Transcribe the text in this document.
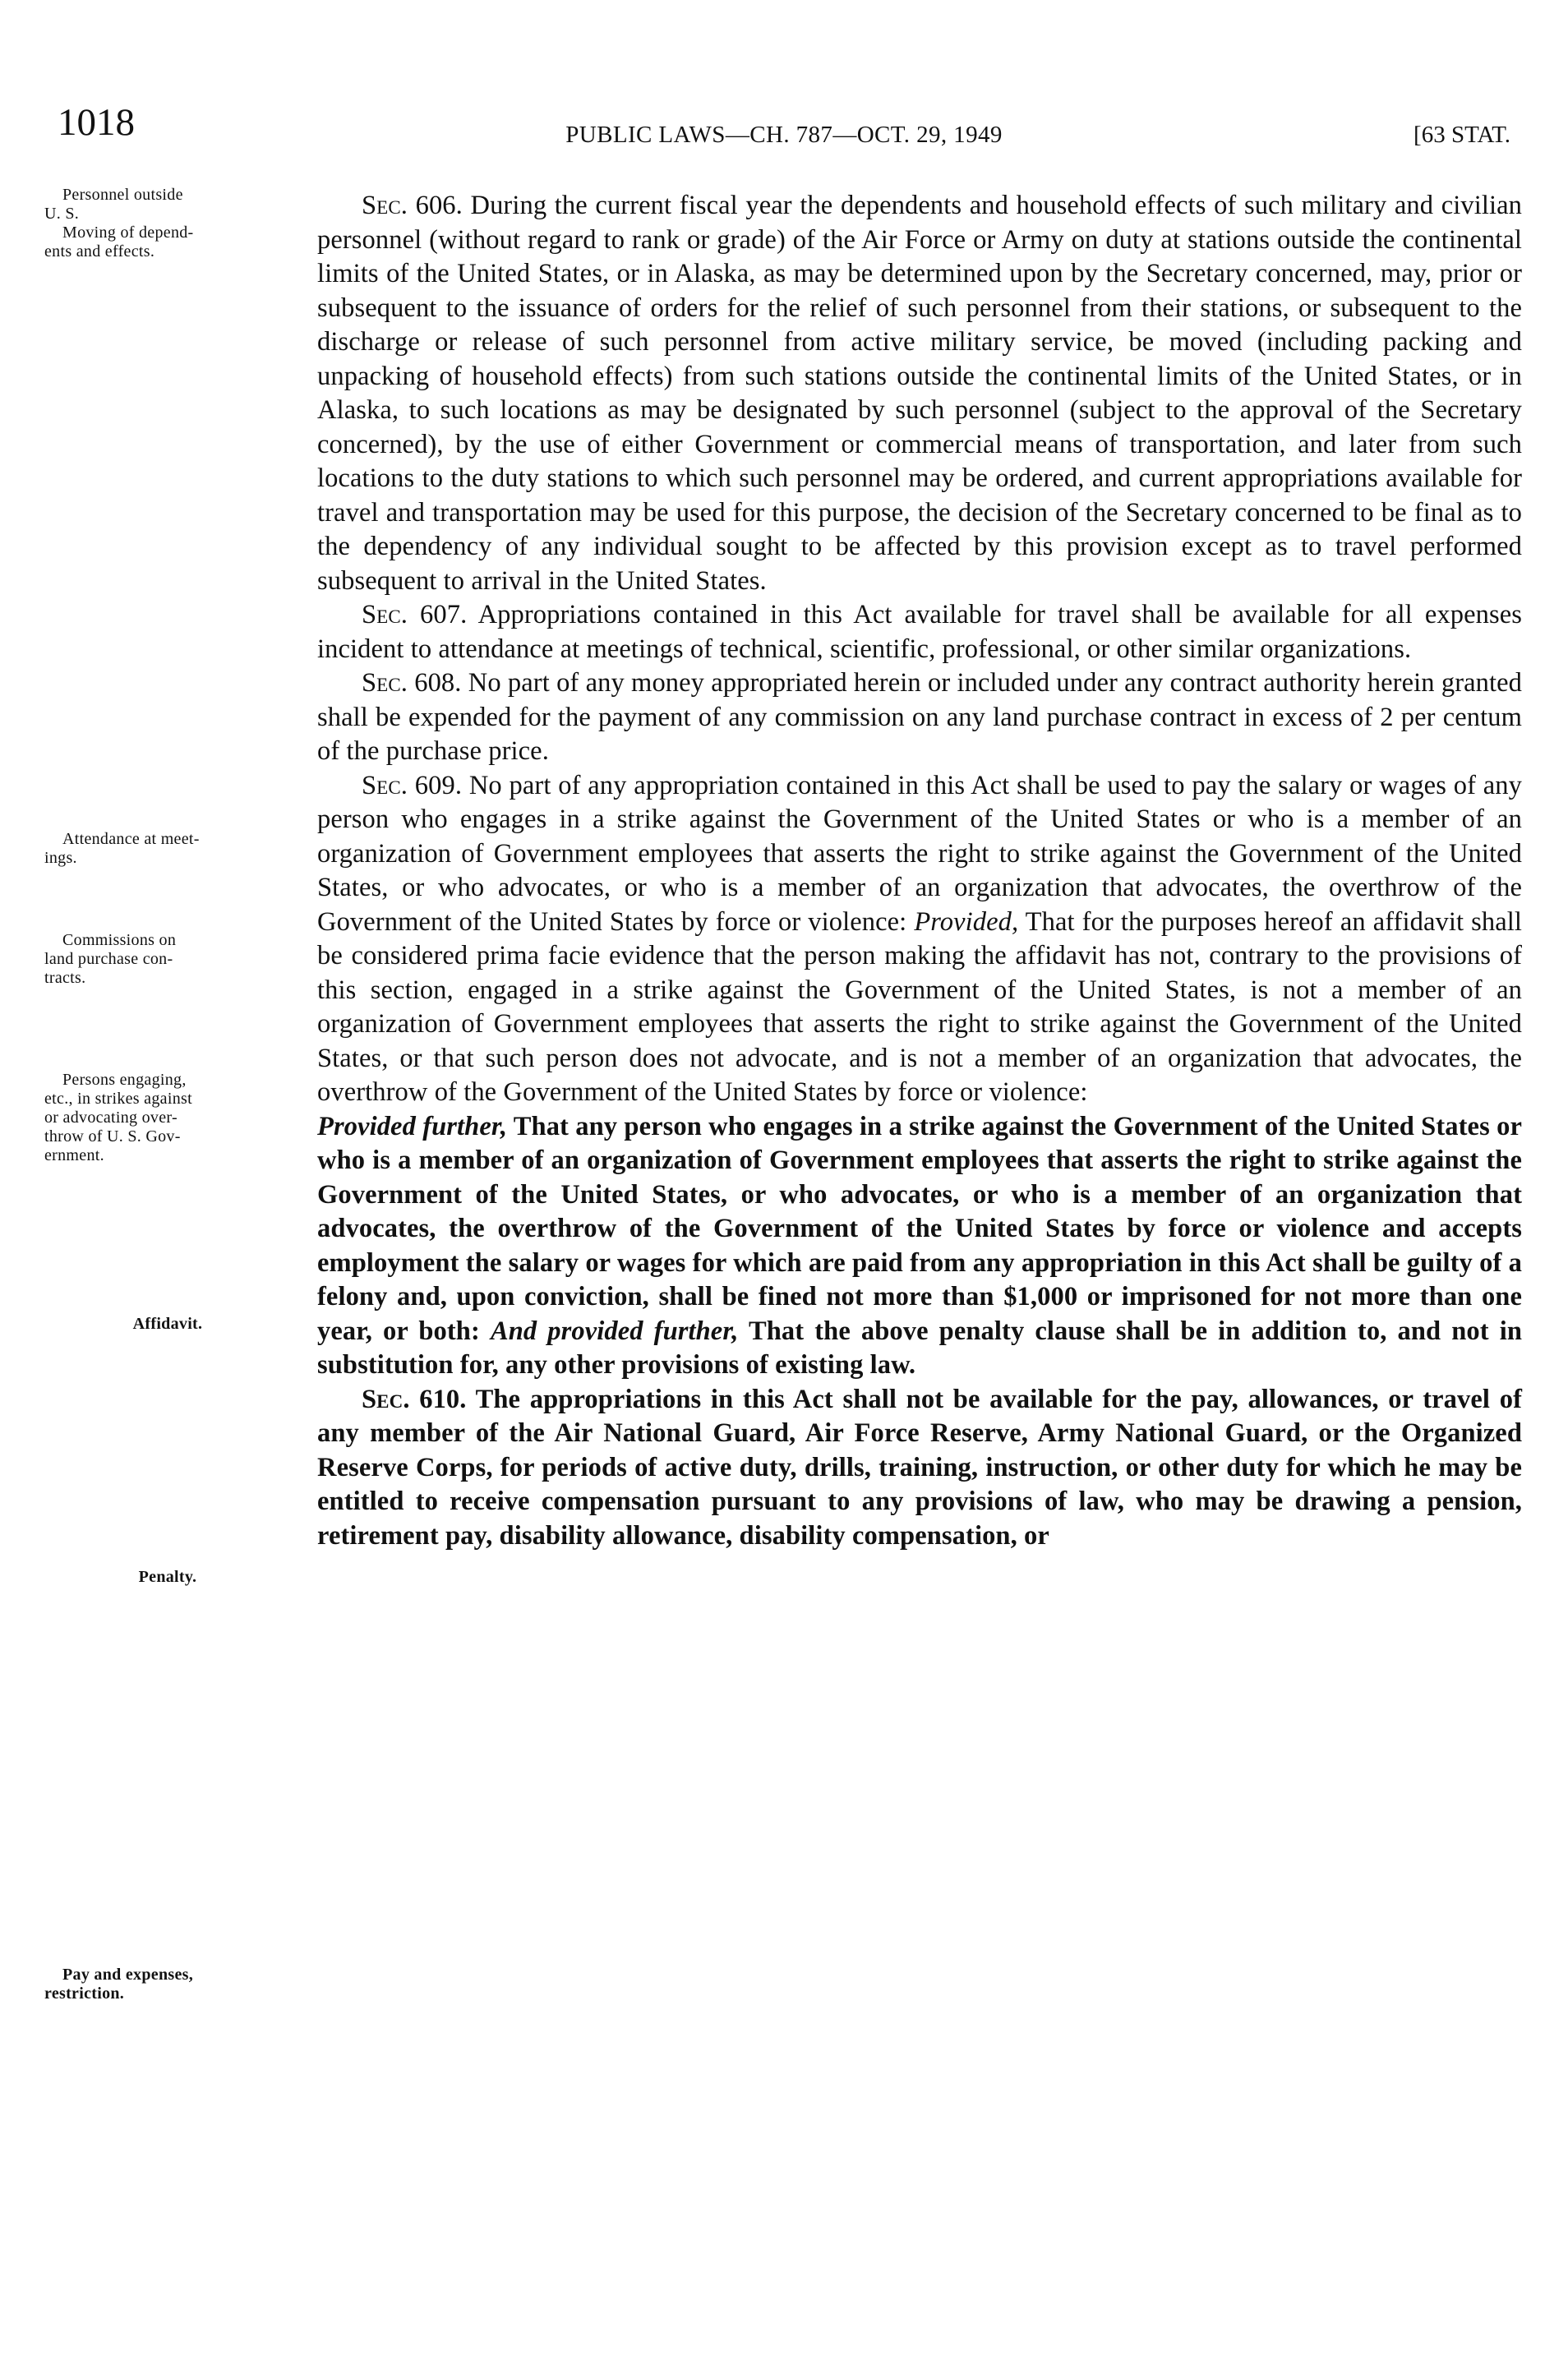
1018	PUBLIC LAWS—CH. 787—OCT. 29, 1949	[63 STAT.
Personnel outside
U. S.
Moving of depend-
ents and effects.
Attendance at meet-
ings.
Commissions on
land purchase con-
tracts.
Persons engaging,
etc., in strikes against
or advocating over-
throw of U. S. Gov-
ernment.
Affidavit.
Penalty.
Pay and expenses,
restriction.

Sec. 606. During the current fiscal year the dependents and household effects of such military and civilian personnel (without regard to rank or grade) of the Air Force or Army on duty at stations outside the continental limits of the United States, or in Alaska, as may be determined upon by the Secretary concerned, may, prior or subsequent to the issuance of orders for the relief of such personnel from their stations, or subsequent to the discharge or release of such personnel from active military service, be moved (including packing and unpacking of household effects) from such stations outside the continental limits of the United States, or in Alaska, to such locations as may be designated by such personnel (subject to the approval of the Secretary concerned), by the use of either Government or commercial means of transportation, and later from such locations to the duty stations to which such personnel may be ordered, and current appropriations available for travel and transportation may be used for this purpose, the decision of the Secretary concerned to be final as to the dependency of any individual sought to be affected by this provision except as to travel performed subsequent to arrival in the United States.

Sec. 607. Appropriations contained in this Act available for travel shall be available for all expenses incident to attendance at meetings of technical, scientific, professional, or other similar organizations.

Sec. 608. No part of any money appropriated herein or included under any contract authority herein granted shall be expended for the payment of any commission on any land purchase contract in excess of 2 per centum of the purchase price.

Sec. 609. No part of any appropriation contained in this Act shall be used to pay the salary or wages of any person who engages in a strike against the Government of the United States or who is a member of an organization of Government employees that asserts the right to strike against the Government of the United States, or who advocates, or who is a member of an organization that advocates, the overthrow of the Government of the United States by force or violence: Provided, That for the purposes hereof an affidavit shall be considered prima facie evidence that the person making the affidavit has not, contrary to the provisions of this section, engaged in a strike against the Government of the United States, is not a member of an organization of Government employees that asserts the right to strike against the Government of the United States, or that such person does not advocate, and is not a member of an organization that advocates, the overthrow of the Government of the United States by force or violence:

Provided further, That any person who engages in a strike against the Government of the United States or who is a member of an organization of Government employees that asserts the right to strike against the Government of the United States, or who advocates, or who is a member of an organization that advocates, the overthrow of the Government of the United States by force or violence and accepts employment the salary or wages for which are paid from any appropriation in this Act shall be guilty of a felony and, upon conviction, shall be fined not more than $1,000 or imprisoned for not more than one year, or both: And provided further, That the above penalty clause shall be in addition to, and not in substitution for, any other provisions of existing law.

Sec. 610. The appropriations in this Act shall not be available for the pay, allowances, or travel of any member of the Air National Guard, Air Force Reserve, Army National Guard, or the Organized Reserve Corps, for periods of active duty, drills, training, instruction, or other duty for which he may be entitled to receive compensation pursuant to any provisions of law, who may be drawing a pension, retirement pay, disability allowance, disability compensation, or
